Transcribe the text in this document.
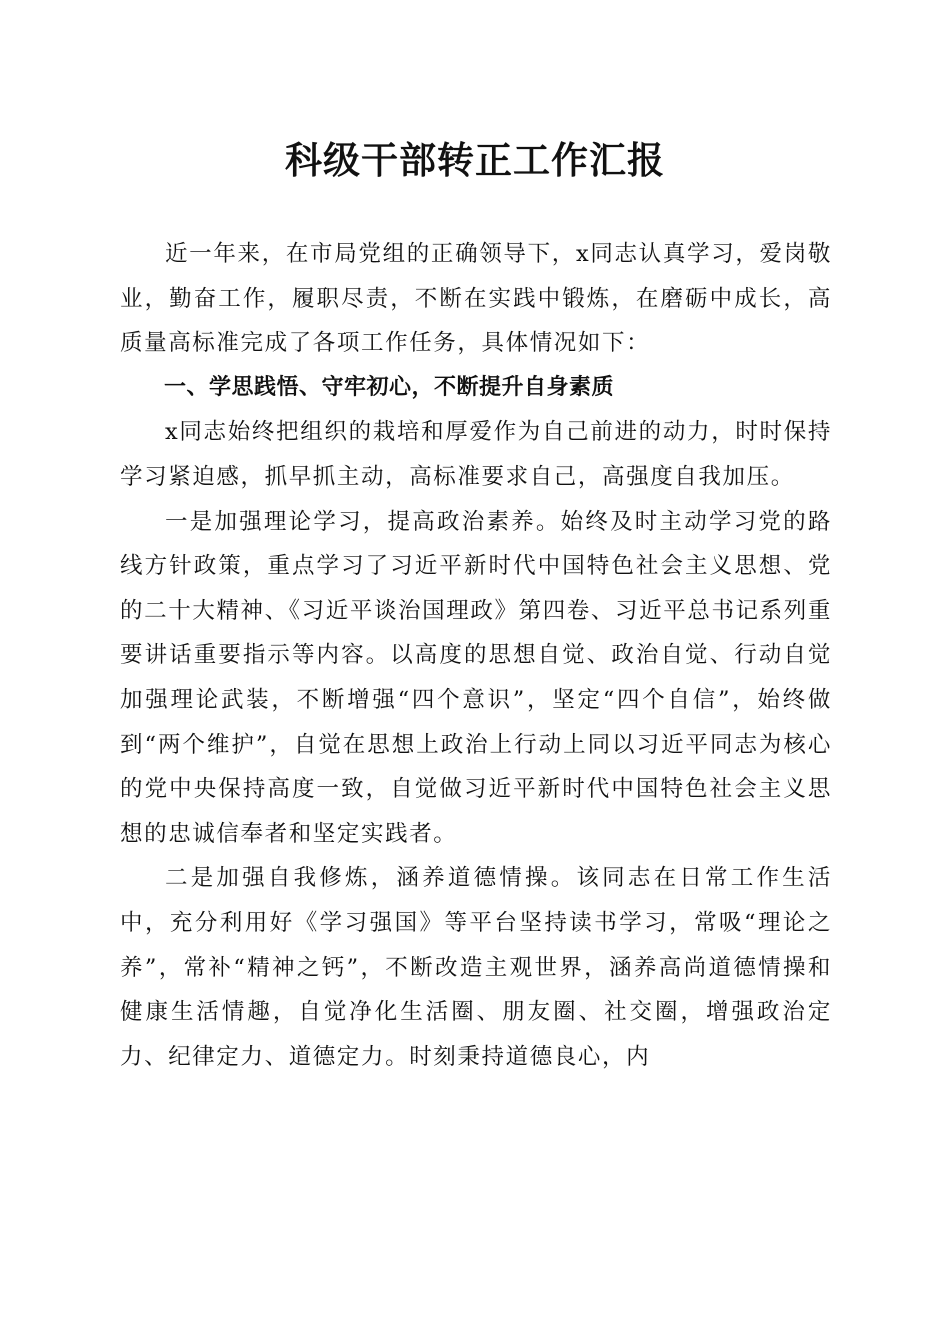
科级干部转正工作汇报

近一年来，在市局党组的正确领导下，x同志认真学习，爱岗敬业，勤奋工作，履职尽责，不断在实践中锻炼，在磨砺中成长，高质量高标准完成了各项工作任务，具体情况如下：

一、学思践悟、守牢初心，不断提升自身素质

x同志始终把组织的栽培和厚爱作为自己前进的动力，时时保持学习紧迫感，抓早抓主动，高标准要求自己，高强度自我加压。

一是加强理论学习，提高政治素养。始终及时主动学习党的路线方针政策，重点学习了习近平新时代中国特色社会主义思想、党的二十大精神、《习近平谈治国理政》第四卷、习近平总书记系列重要讲话重要指示等内容。以高度的思想自觉、政治自觉、行动自觉加强理论武装，不断增强“四个意识”，坚定“四个自信”，始终做到“两个维护”，自觉在思想上政治上行动上同以习近平同志为核心的党中央保持高度一致，自觉做习近平新时代中国特色社会主义思想的忠诚信奉者和坚定实践者。

二是加强自我修炼，涵养道德情操。该同志在日常工作生活中，充分利用好《学习强国》等平台坚持读书学习，常吸“理论之养”，常补“精神之钙”，不断改造主观世界，涵养高尚道德情操和健康生活情趣，自觉净化生活圈、朋友圈、社交圈，增强政治定力、纪律定力、道德定力。时刻秉持道德良心，内
